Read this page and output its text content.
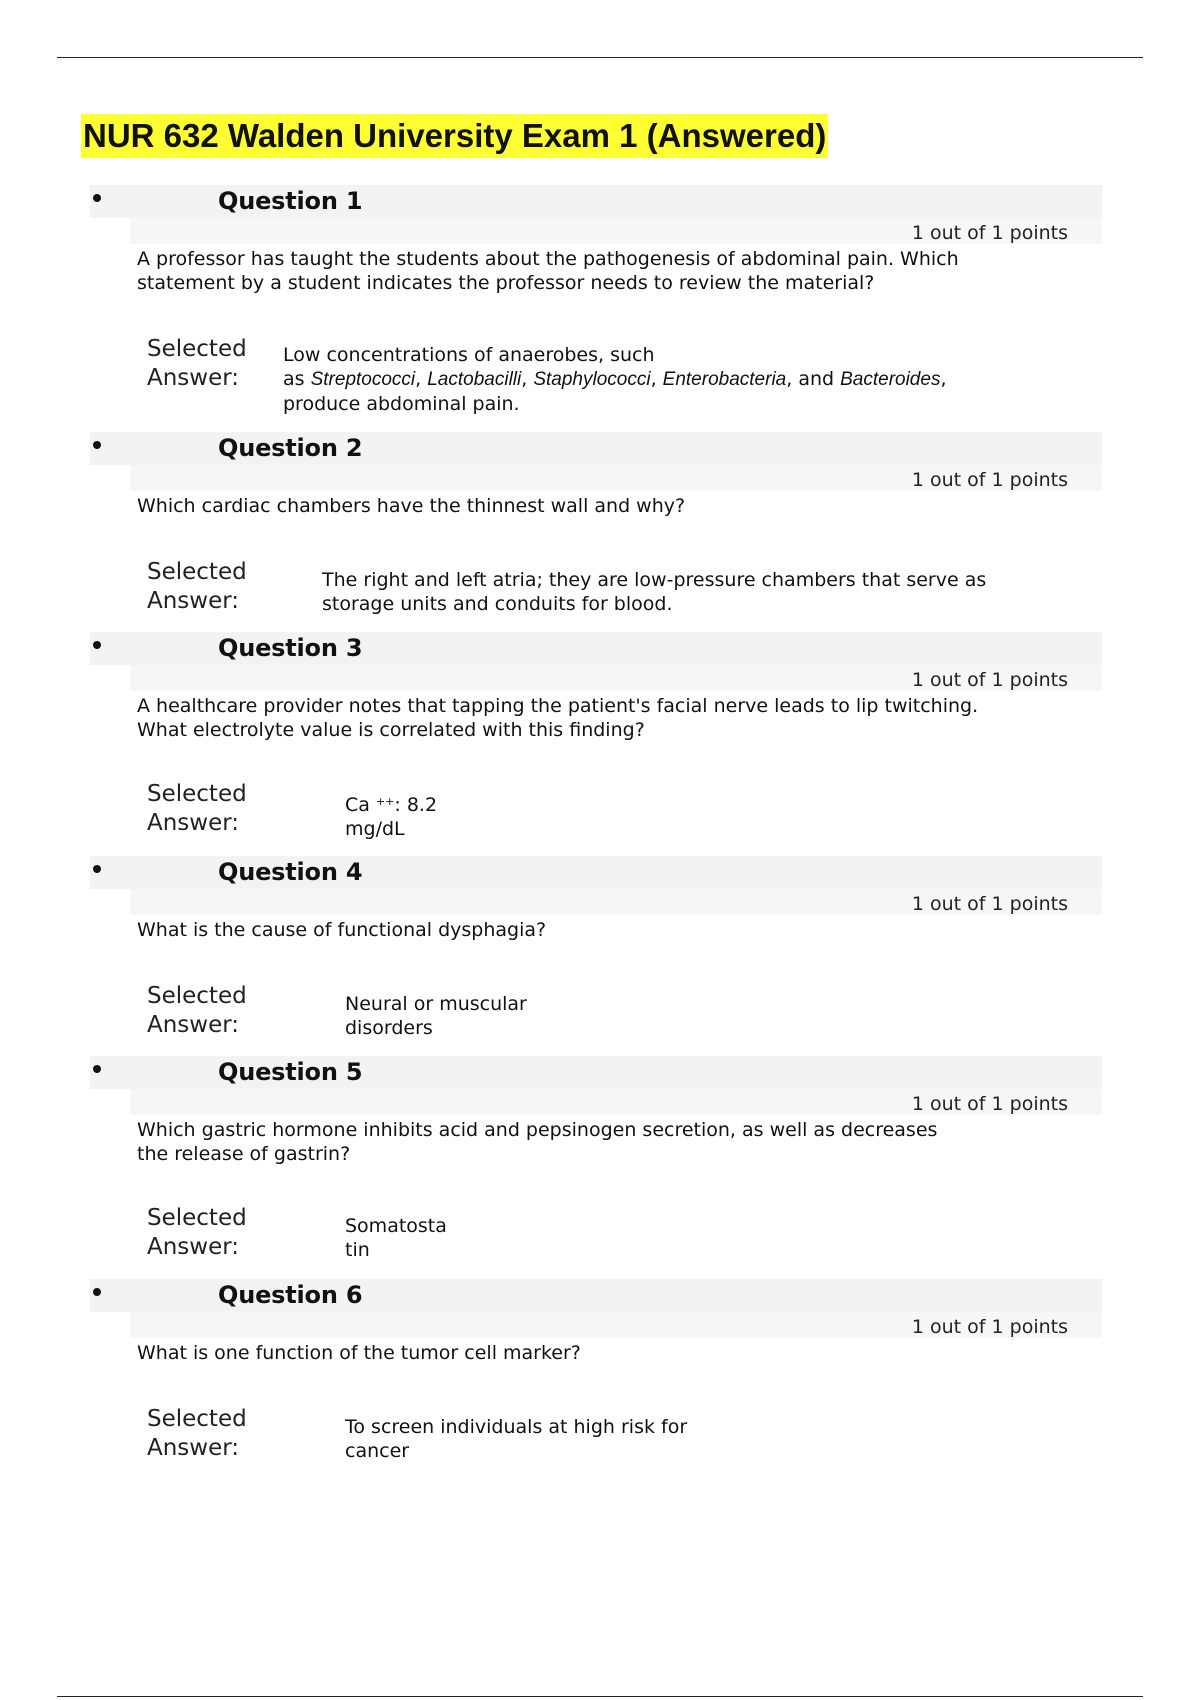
NUR 632 Walden University Exam 1 (Answered)
Question 1
1 out of 1 points

A professor has taught the students about the pathogenesis of abdominal pain. Which
statement by a student indicates the professor needs to review the material?

Selected
Answer:

Low concentrations of anaerobes, such
as Streptococci, Lactobacilli, Staphylococci, Enterobacteria, and Bacteroides,
produce abdominal pain.

Question 2
1 out of 1 points

Which cardiac chambers have the thinnest wall and why?

Selected
Answer:

The right and left atria; they are low-pressure chambers that serve as
storage units and conduits for blood.

Question 3
1 out of 1 points

A healthcare provider notes that tapping the patient's facial nerve leads to lip twitching.
What electrolyte value is correlated with this finding?

Selected
Answer:

Ca ++: 8.2
mg/dL

Question 4
1 out of 1 points

What is the cause of functional dysphagia?

Selected
Answer:

Neural or muscular
disorders

Question 5
1 out of 1 points

Which gastric hormone inhibits acid and pepsinogen secretion, as well as decreases
the release of gastrin?

Selected
Answer:

Somatosta
tin

Question 6
1 out of 1 points

What is one function of the tumor cell marker?

Selected
Answer:

To screen individuals at high risk for
cancer
